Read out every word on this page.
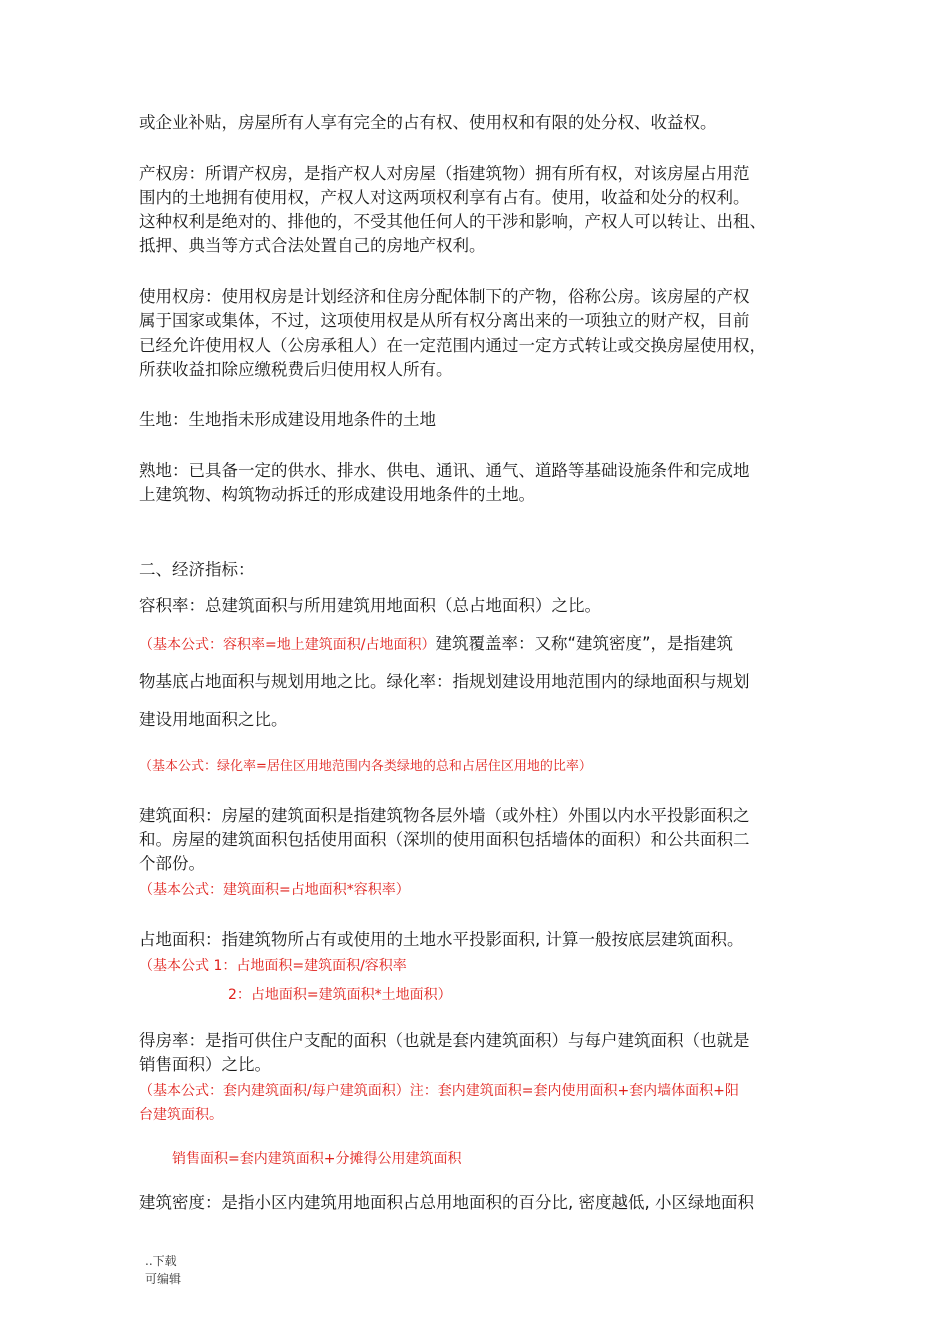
或企业补贴，房屋所有人享有完全的占有权、使用权和有限的处分权、收益权。
产权房：所谓产权房，是指产权人对房屋（指建筑物）拥有所有权，对该房屋占用范
围内的土地拥有使用权，产权人对这两项权利享有占有。使用，收益和处分的权利。
这种权利是绝对的、排他的，不受其他任何人的干涉和影响，产权人可以转让、出租、
抵押、典当等方式合法处置自己的房地产权利。
使用权房：使用权房是计划经济和住房分配体制下的产物，俗称公房。该房屋的产权
属于国家或集体，不过，这项使用权是从所有权分离出来的一项独立的财产权，目前
已经允许使用权人（公房承租人）在一定范围内通过一定方式转让或交换房屋使用权，
所获收益扣除应缴税费后归使用权人所有。
生地：生地指未形成建设用地条件的土地
熟地：已具备一定的供水、排水、供电、通讯、通气、道路等基础设施条件和完成地
上建筑物、构筑物动拆迁的形成建设用地条件的土地。
二、经济指标：
容积率：总建筑面积与所用建筑用地面积（总占地面积）之比。
（基本公式：容积率=地上建筑面积/占地面积）建筑覆盖率：又称“建筑密度”，是指建筑
物基底占地面积与规划用地之比。绿化率：指规划建设用地范围内的绿地面积与规划
建设用地面积之比。
（基本公式：绿化率=居住区用地范围内各类绿地的总和占居住区用地的比率）
建筑面积：房屋的建筑面积是指建筑物各层外墙（或外柱）外围以内水平投影面积之
和。房屋的建筑面积包括使用面积（深圳的使用面积包括墙体的面积）和公共面积二
个部份。
（基本公式：建筑面积=占地面积*容积率）
占地面积：指建筑物所占有或使用的土地水平投影面积, 计算一般按底层建筑面积。
（基本公式 1：占地面积=建筑面积/容积率
2：占地面积=建筑面积*土地面积）
得房率：是指可供住户支配的面积（也就是套内建筑面积）与每户建筑面积（也就是
销售面积）之比。
（基本公式：套内建筑面积/每户建筑面积）注：套内建筑面积=套内使用面积+套内墙体面积+阳
台建筑面积。
销售面积=套内建筑面积+分摊得公用建筑面积
建筑密度：是指小区内建筑用地面积占总用地面积的百分比, 密度越低, 小区绿地面积
..下载
可编辑
